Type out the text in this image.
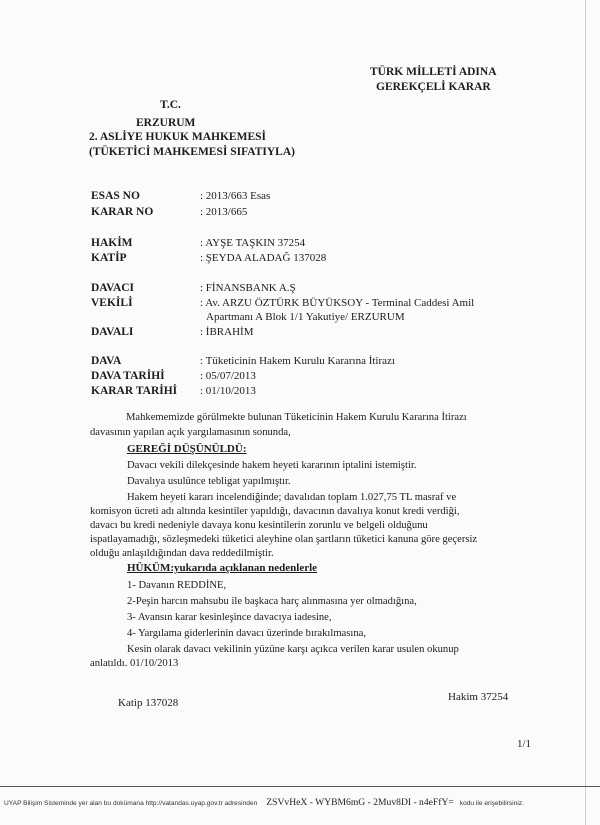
TÜRK MİLLETİ ADINA
GEREKÇELİ KARAR
T.C.
ERZURUM
2. ASLİYE HUKUK MAHKEMESİ
(TÜKETİCİ MAHKEMESİ SIFATIYLA)
ESAS NO	: 2013/663 Esas
KARAR NO	: 2013/665
HAKİM	: AYŞE TAŞKIN 37254
KATİP	: ŞEYDA ALADAĞ 137028
DAVACI	: FİNANSBANK A.Ş
VEKİLİ	: Av. ARZU ÖZTÜRK BÜYÜKSOY - Terminal Caddesi Amil
Apartmanı A Blok 1/1 Yakutiye/ ERZURUM
DAVALI	: İBRAHİM
DAVA	: Tüketicinin Hakem Kurulu Kararına İtirazı
DAVA TARİHİ	: 05/07/2013
KARAR TARİHİ : 01/10/2013
Mahkememizde görülmekte bulunan Tüketicinin Hakem Kurulu Kararına İtirazı
davasının yapılan açık yargılamasının sonunda,
GEREĞİ DÜŞÜNÜLDÜ:
Davacı vekili dilekçesinde hakem heyeti kararının iptalini istemiştir.
Davalıya usulünce tebligat yapılmıştır.
Hakem heyeti kararı incelendiğinde; davalıdan toplam 1.027,75 TL masraf ve
komisyon ücreti adı altında kesintiler yapıldığı, davacının davalıya konut kredi verdiği,
davacı bu kredi nedeniyle davaya konu kesintilerin zorunlu ve belgeli olduğunu
ispatlayamadığı, sözleşmedeki tüketici aleyhine olan şartların tüketici kanuna göre geçersiz
olduğu anlaşıldığından dava reddedilmiştir.
HÜKÜM:yukarıda açıklanan nedenlerle
1- Davanın REDDİNE,
2-Peşin harcın mahsubu ile başkaca harç alınmasına yer olmadığına,
3- Avansın karar kesinleşince davacıya iadesine,
4- Yargılama giderlerinin davacı üzerinde bırakılmasına,
Kesin olarak davacı vekilinin yüzüne karşı açıkca verilen karar usulen okunup
anlatıldı. 01/10/2013
Katip 137028	Hakim 37254
1/1
UYAP Bilişim Sisteminde yer alan bu dokümana http://vatandas.uyap.gov.tr adresinden ZSVvHeX - WYBM6mG - 2Muv8DI - n4eFfY= kodu ile erişebilirsiniz.
